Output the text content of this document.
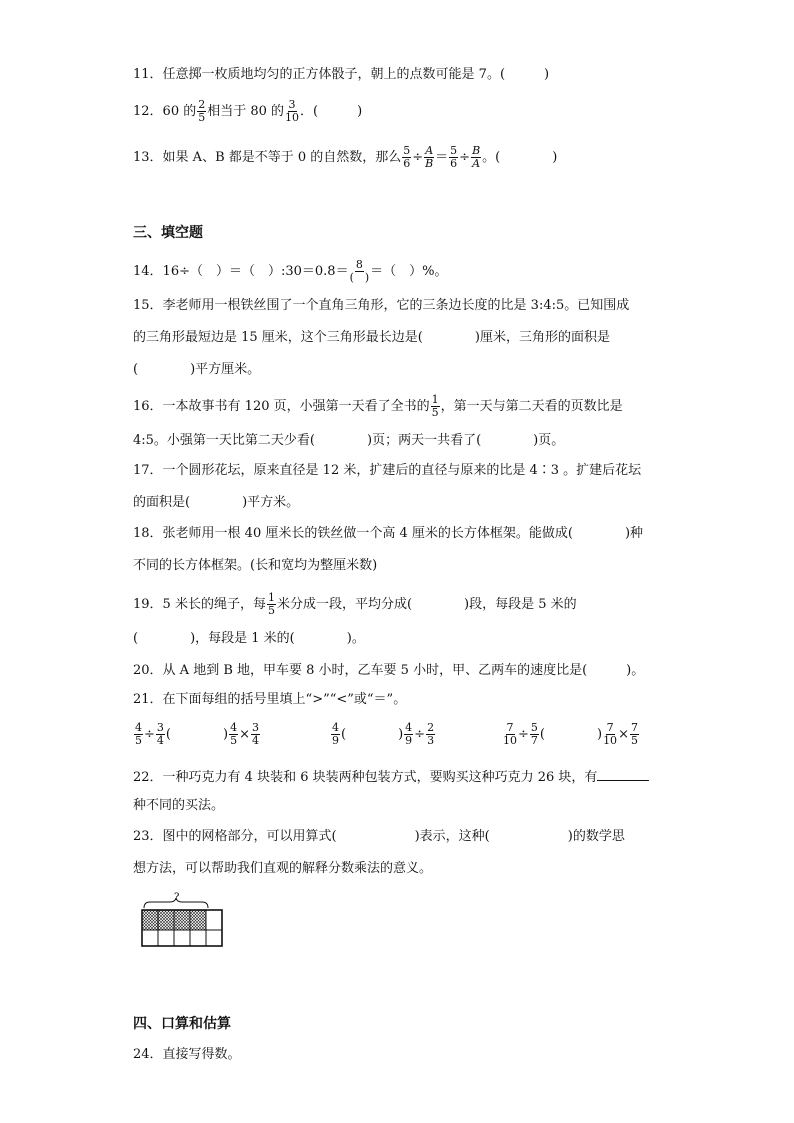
11．任意掷一枚质地均匀的正方体骰子，朝上的点数可能是 7。(　　　)
12．60 的 $\frac{2}{5}$ 相当于 80 的 $\frac{3}{10}$ ．(　　　)
13．如果 A、B 都是不等于 0 的自然数，那么 $\frac{5}{6} \div \frac{A}{B} = \frac{5}{6} \div \frac{B}{A}$ 。(　　　　)
三、填空题
14．16÷（　）＝（　）:30＝0.8＝ 8
(　) ＝（　）%。
15．李老师用一根铁丝围了一个直角三角形，它的三条边长度的比是 3:4:5。已知围成
的三角形最短边是 15 厘米，这个三角形最长边是(　　　　)厘米，三角形的面积是
(　　　　)平方厘米。
16．一本故事书有 120 页，小强第一天看了全书的 $\frac{1}{5}$ ，第一天与第二天看的页数比是
4:5。小强第一天比第二天少看(　　　　)页；两天一共看了(　　　　)页。
17．一个圆形花坛，原来直径是 12 米，扩建后的直径与原来的比是 4∶3 。扩建后花坛
的面积是(　　　　)平方米。
18．张老师用一根 40 厘米长的铁丝做一个高 4 厘米的长方体框架。能做成(　　　　)种
不同的长方体框架。(长和宽均为整厘米数)
19．5 米长的绳子，每 $\frac{1}{5}$ 米分成一段，平均分成(　　　　)段，每段是 5 米的
(　　　　)，每段是 1 米的(　　　　)。
20．从 A 地到 B 地，甲车要 8 小时，乙车要 5 小时，甲、乙两车的速度比是(　　　)。
21．在下面每组的括号里填上“>”“<”或“＝”。
$\frac{4}{5} \div \frac{3}{4}$ (　　　　) $\frac{4}{5} \times \frac{3}{4}$	$\frac{4}{9}$ (　　　　) $\frac{4}{9} \div \frac{2}{3}$	$\frac{7}{10} \div \frac{5}{7}$ (　　　　) $\frac{7}{10} \times \frac{7}{5}$
22．一种巧克力有 4 块装和 6 块装两种包装方式，要购买这种巧克力 26 块，有
种不同的买法。
23．图中的网格部分，可以用算式(　　　　　　)表示，这种(　　　　　　)的数学思
想方法，可以帮助我们直观的解释分数乘法的意义。
?
四、口算和估算
24．直接写得数。
